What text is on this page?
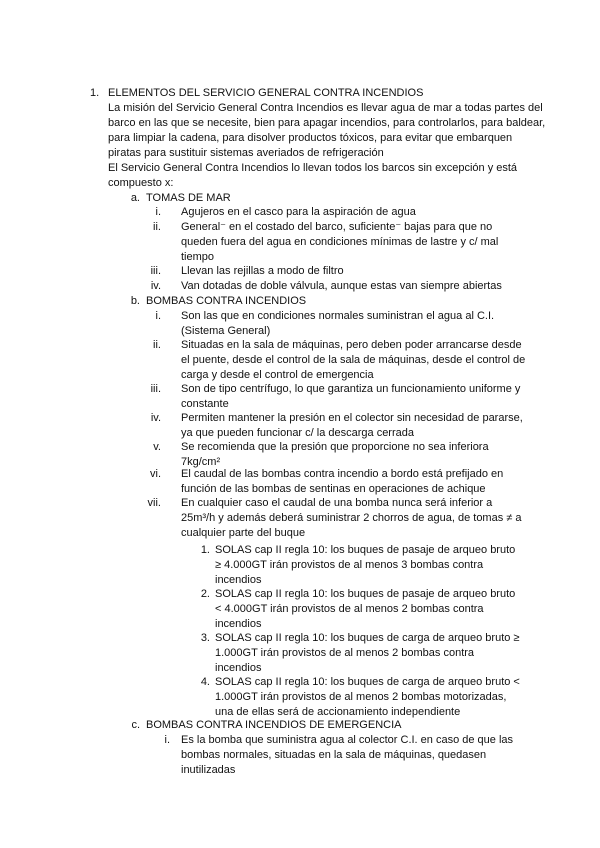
1. ELEMENTOS DEL SERVICIO GENERAL CONTRA INCENDIOS

La misión del Servicio General Contra Incendios es llevar agua de mar a todas partes del barco en las que se necesite, bien para apagar incendios, para controlarlos, para baldear, para limpiar la cadena, para disolver productos tóxicos, para evitar que embarquen piratas para sustituir sistemas averiados de refrigeración

El Servicio General Contra Incendios lo llevan todos los barcos sin excepción y está compuesto x:

a. TOMAS DE MAR
i. Agujeros en el casco para la aspiración de agua
ii. General⁻ en el costado del barco, suficiente⁻ bajas para que no queden fuera del agua en condiciones mínimas de lastre y c/ mal tiempo
iii. Llevan las rejillas a modo de filtro
iv. Van dotadas de doble válvula, aunque estas van siempre abiertas
b. BOMBAS CONTRA INCENDIOS
i. Son las que en condiciones normales suministran el agua al C.I. (Sistema General)
ii. Situadas en la sala de máquinas, pero deben poder arrancarse desde el puente, desde el control de la sala de máquinas, desde el control de carga y desde el control de emergencia
iii. Son de tipo centrífugo, lo que garantiza un funcionamiento uniforme y constante
iv. Permiten mantener la presión en el colector sin necesidad de pararse, ya que pueden funcionar c/ la descarga cerrada
v. Se recomienda que la presión que proporcione no sea inferiora 7kg/cm²
vi. El caudal de las bombas contra incendio a bordo está prefijado en función de las bombas de sentinas en operaciones de achique
vii. En cualquier caso el caudal de una bomba nunca será inferior a 25m³/h y además deberá suministrar 2 chorros de agua, de tomas ≠ a cualquier parte del buque
1. SOLAS cap II regla 10: los buques de pasaje de arqueo bruto ≥ 4.000GT irán provistos de al menos 3 bombas contra incendios
2. SOLAS cap II regla 10: los buques de pasaje de arqueo bruto < 4.000GT irán provistos de al menos 2 bombas contra incendios
3. SOLAS cap II regla 10: los buques de carga de arqueo bruto ≥ 1.000GT irán provistos de al menos 2 bombas contra incendios
4. SOLAS cap II regla 10: los buques de carga de arqueo bruto < 1.000GT irán provistos de al menos 2 bombas motorizadas, una de ellas será de accionamiento independiente
c. BOMBAS CONTRA INCENDIOS DE EMERGENCIA
i. Es la bomba que suministra agua al colector C.I. en caso de que las bombas normales, situadas en la sala de máquinas, quedasen inutilizadas
